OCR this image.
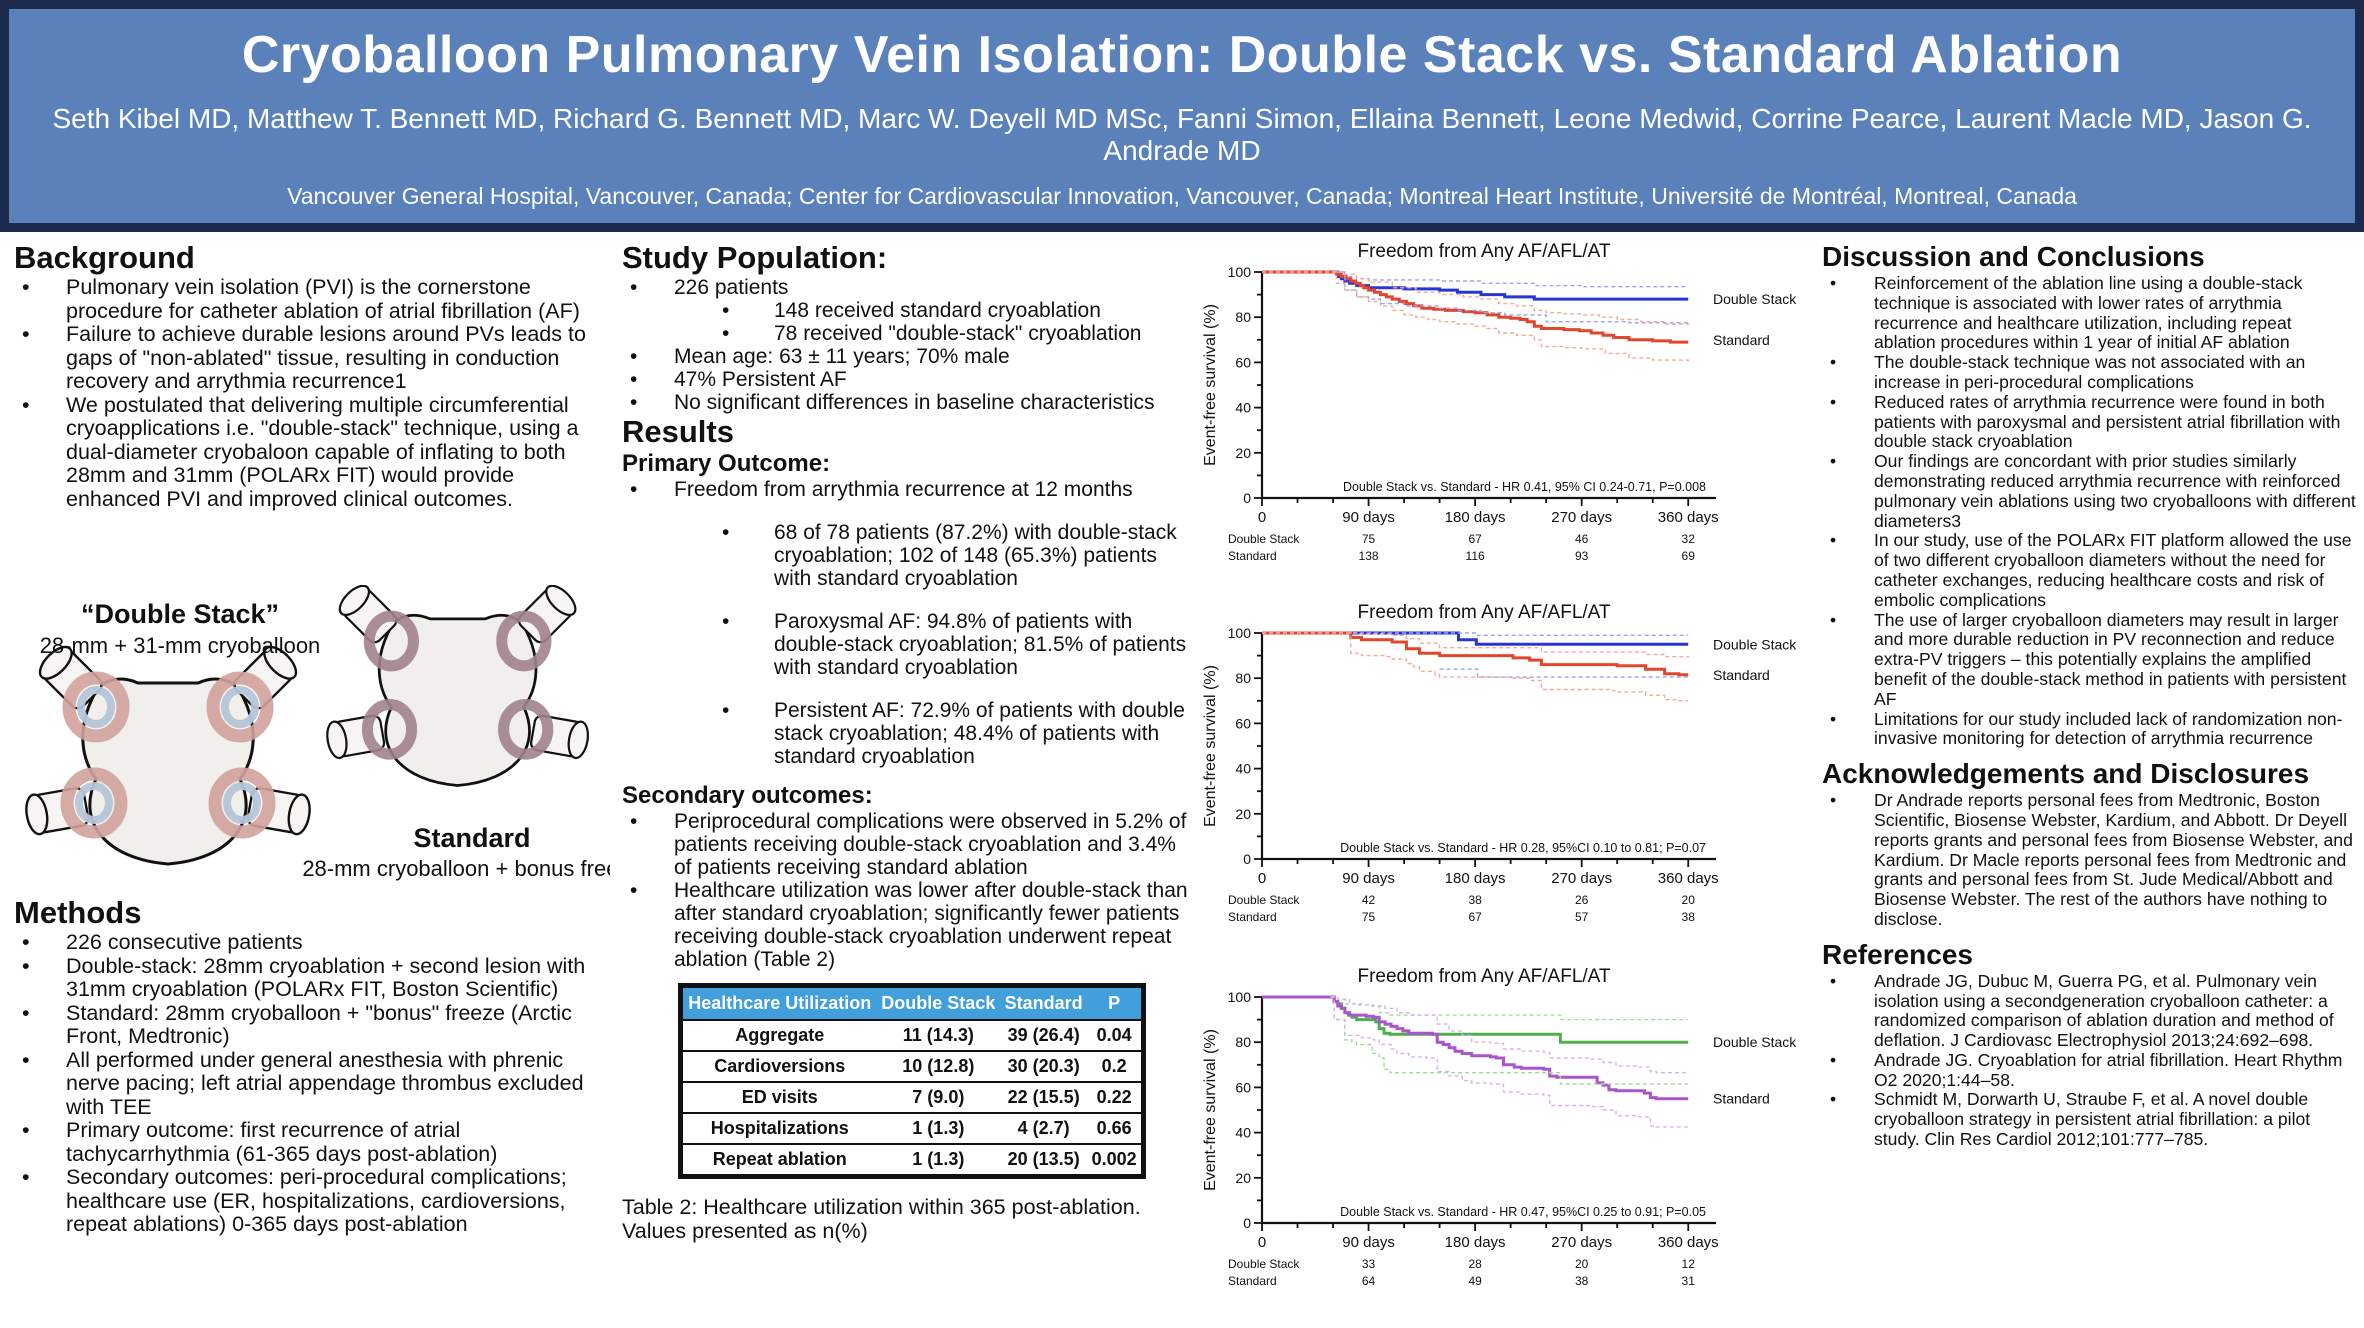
Cryoballoon Pulmonary Vein Isolation: Double Stack vs. Standard Ablation
Seth Kibel MD, Matthew T. Bennett MD, Richard G. Bennett MD, Marc W. Deyell MD MSc, Fanni Simon, Ellaina Bennett, Leone Medwid, Corrine Pearce, Laurent Macle MD, Jason G. Andrade MD
Vancouver General Hospital, Vancouver, Canada; Center for Cardiovascular Innovation, Vancouver, Canada; Montreal Heart Institute, Université de Montréal, Montreal, Canada
Background
•	Pulmonary vein isolation (PVI) is the cornerstone procedure for catheter ablation of atrial fibrillation (AF)
•	Failure to achieve durable lesions around PVs leads to gaps of "non-ablated" tissue, resulting in conduction recovery and arrythmia recurrence1
•	We postulated that delivering multiple circumferential cryoapplications i.e. "double-stack" technique, using a dual-diameter cryobaloon capable of inflating to both 28mm and 31mm (POLARx FIT) would provide enhanced PVI and improved clinical outcomes.
“Double Stack”
28-mm + 31-mm cryoballoon
Standard
28-mm cryoballoon + bonus freeze
Methods
•	226 consecutive patients
•	Double-stack: 28mm cryoablation + second lesion with 31mm cryoablation (POLARx FIT, Boston Scientific)
•	Standard: 28mm cryoballoon + "bonus" freeze (Arctic Front, Medtronic)
•	All performed under general anesthesia with phrenic nerve pacing; left atrial appendage thrombus excluded with TEE
•	Primary outcome: first recurrence of atrial tachycarrhythmia (61-365 days post-ablation)
•	Secondary outcomes: peri-procedural complications; healthcare use (ER, hospitalizations, cardioversions, repeat ablations) 0-365 days post-ablation
Study Population:
•	226 patients
•	148 received standard cryoablation
•	78 received "double-stack" cryoablation
•	Mean age: 63 ± 11 years; 70% male
•	47% Persistent AF
•	No significant differences in baseline characteristics
Results
Primary Outcome:
•	Freedom from arrythmia recurrence at 12 months
•	68 of 78 patients (87.2%) with double-stack cryoablation; 102 of 148 (65.3%) patients with standard cryoablation
•	Paroxysmal AF: 94.8% of patients with double-stack cryoablation; 81.5% of patients with standard cryoablation
•	Persistent AF: 72.9% of patients with double stack cryoablation; 48.4% of patients with standard cryoablation
Secondary outcomes:
•	Periprocedural complications were observed in 5.2% of patients receiving double-stack cryoablation and 3.4% of patients receiving standard ablation
•	Healthcare utilization was lower after double-stack than after standard cryoablation; significantly fewer patients receiving double-stack cryoablation underwent repeat ablation (Table 2)
Healthcare Utilization	Double Stack	Standard	P
Aggregate	11 (14.3)	39 (26.4)	0.04
Cardioversions	10 (12.8)	30 (20.3)	0.2
ED visits	7 (9.0)	22 (15.5)	0.22
Hospitalizations	1 (1.3)	4 (2.7)	0.66
Repeat ablation	1 (1.3)	20 (13.5)	0.002
Table 2: Healthcare utilization within 365 post-ablation. Values presented as n(%)
Freedom from Any AF/AFL/AT
0
20
40
60
80
100
0	90 days	180 days	270 days	360 days
Event-free survival (%)
Double Stack
Standard
Double Stack vs. Standard - HR 0.41, 95% CI 0.24-0.71, P=0.008
Double Stack	75	67	46	32
Standard	138	116	93	69
Freedom from Any AF/AFL/AT
0
20
40
60
80
100
0	90 days	180 days	270 days	360 days
Event-free survival (%)
Double Stack
Standard
Double Stack vs. Standard - HR 0.28, 95%CI 0.10 to 0.81; P=0.07
Double Stack	42	38	26	20
Standard	75	67	57	38
Freedom from Any AF/AFL/AT
0
20
40
60
80
100
0	90 days	180 days	270 days	360 days
Event-free survival (%)	Double Stack
Standard
Double Stack vs. Standard - HR 0.47, 95%CI 0.25 to 0.91; P=0.05
Double Stack	33	28	20	12
Standard	64	49	38	31
Discussion and Conclusions
•	Reinforcement of the ablation line using a double-stack technique is associated with lower rates of arrythmia recurrence and healthcare utilization, including repeat ablation procedures within 1 year of initial AF ablation
•	The double-stack technique was not associated with an increase in peri-procedural complications
•	Reduced rates of arrythmia recurrence were found in both patients with paroxysmal and persistent atrial fibrillation with double stack cryoablation
•	Our findings are concordant with prior studies similarly demonstrating reduced arrythmia recurrence with reinforced pulmonary vein ablations using two cryoballoons with different diameters3
•	In our study, use of the POLARx FIT platform allowed the use of two different cryoballoon diameters without the need for catheter exchanges, reducing healthcare costs and risk of embolic complications
•	The use of larger cryoballoon diameters may result in larger and more durable reduction in PV reconnection and reduce extra-PV triggers – this potentially explains the amplified benefit of the double-stack method in patients with persistent AF
•	Limitations for our study included lack of randomization non-invasive monitoring for detection of arrythmia recurrence
Acknowledgements and Disclosures
•	Dr Andrade reports personal fees from Medtronic, Boston Scientific, Biosense Webster, Kardium, and Abbott. Dr Deyell reports grants and personal fees from Biosense Webster, and Kardium. Dr Macle reports personal fees from Medtronic and grants and personal fees from St. Jude Medical/Abbott and Biosense Webster. The rest of the authors have nothing to disclose.
References
•	Andrade JG, Dubuc M, Guerra PG, et al. Pulmonary vein isolation using a secondgeneration cryoballoon catheter: a randomized comparison of ablation duration and method of deflation. J Cardiovasc Electrophysiol 2013;24:692–698.
•	Andrade JG. Cryoablation for atrial fibrillation. Heart Rhythm O2 2020;1:44–58.
•	Schmidt M, Dorwarth U, Straube F, et al. A novel double cryoballoon strategy in persistent atrial fibrillation: a pilot study. Clin Res Cardiol 2012;101:777–785.
